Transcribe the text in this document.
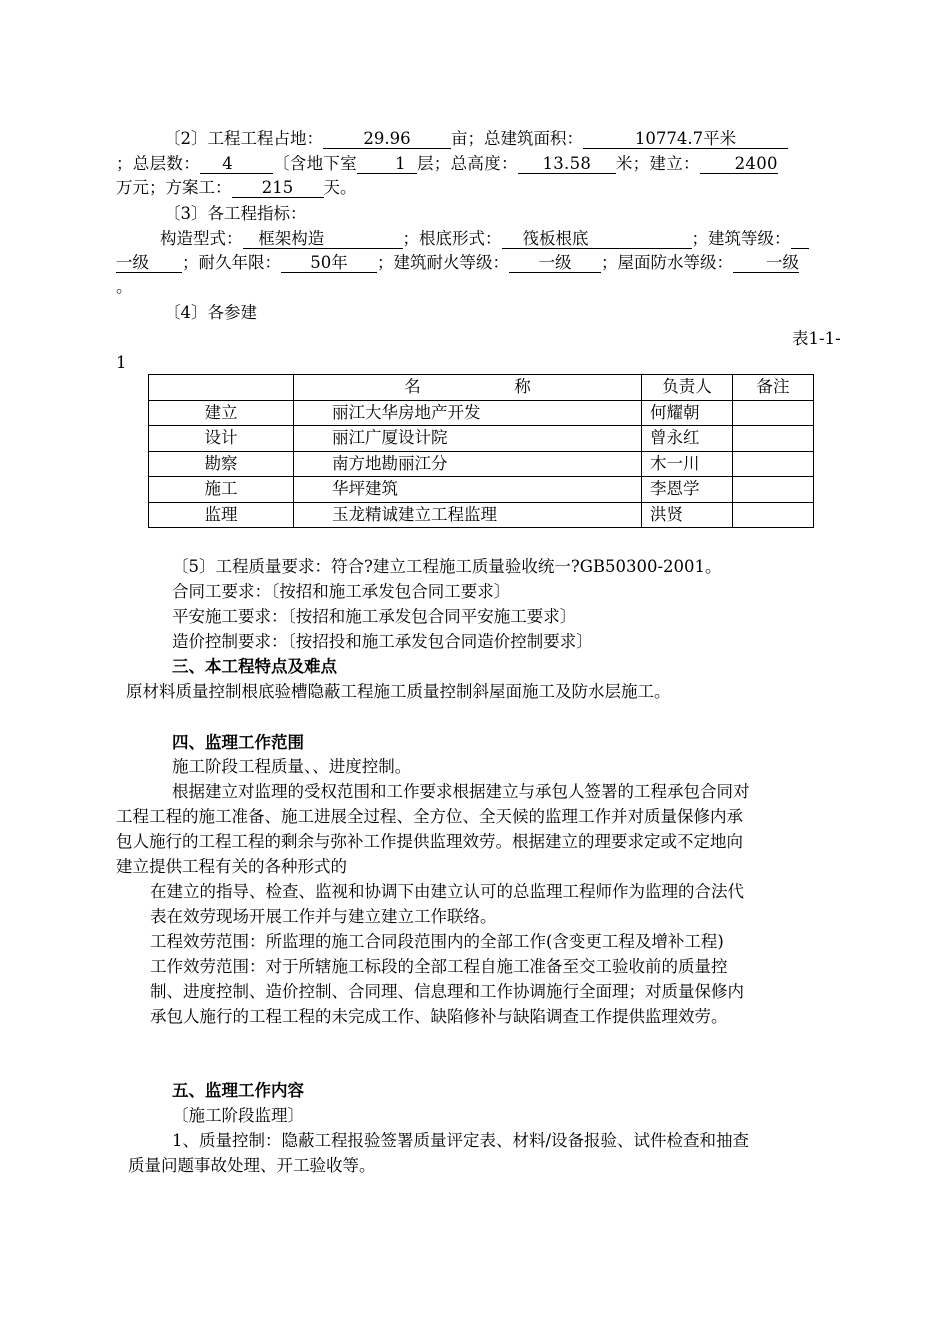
〔2〕工程工程占地： 29.96 亩；总建筑面积：	10774.7平米
；总层数： 4 〔含地下室 1 层；总高度： 13.58 米；建立： 2400
万元；方案工： 215 天。
〔3〕各工程指标：
构造型式： 框架构造	；根底形式： 筏板根底	；建筑等级：
一级 ；耐久年限： 50年 ；建筑耐火等级： 一级 ；屋面防水等级： 一级
。
〔4〕各参建
表1-1-
1
	名 称	负责人	备注
建立	丽江大华房地产开发	何耀朝	
设计	丽江广厦设计院	曾永红	
勘察	南方地勘丽江分	木一川	
施工	华坪建筑	李恩学	
监理	玉龙精诚建立工程监理	洪贤	
〔5〕工程质量要求：符合?建立工程施工质量验收统一?GB50300-2001。
合同工要求：〔按招和施工承发包合同工要求〕
平安施工要求：〔按招和施工承发包合同平安施工要求〕
造价控制要求：〔按招投和施工承发包合同造价控制要求〕
三、本工程特点及难点
原材料质量控制根底验槽隐蔽工程施工质量控制斜屋面施工及防水层施工。
四、监理工作范围
施工阶段工程质量、、进度控制。
根据建立对监理的受权范围和工作要求根据建立与承包人签署的工程承包合同对
工程工程的施工准备、施工进展全过程、全方位、全天候的监理工作并对质量保修内承
包人施行的工程工程的剩余与弥补工作提供监理效劳。根据建立的理要求定或不定地向
建立提供工程有关的各种形式的
在建立的指导、检查、监视和协调下由建立认可的总监理工程师作为监理的合法代
表在效劳现场开展工作并与建立建立工作联络。
工程效劳范围：所监理的施工合同段范围内的全部工作(含变更工程及增补工程)
工作效劳范围：对于所辖施工标段的全部工程自施工准备至交工验收前的质量控
制、进度控制、造价控制、合同理、信息理和工作协调施行全面理；对质量保修内
承包人施行的工程工程的未完成工作、缺陷修补与缺陷调查工作提供监理效劳。
五、监理工作内容
〔施工阶段监理〕
1、质量控制：隐蔽工程报验签署质量评定表、材料/设备报验、试件检查和抽查
质量问题事故处理、开工验收等。
